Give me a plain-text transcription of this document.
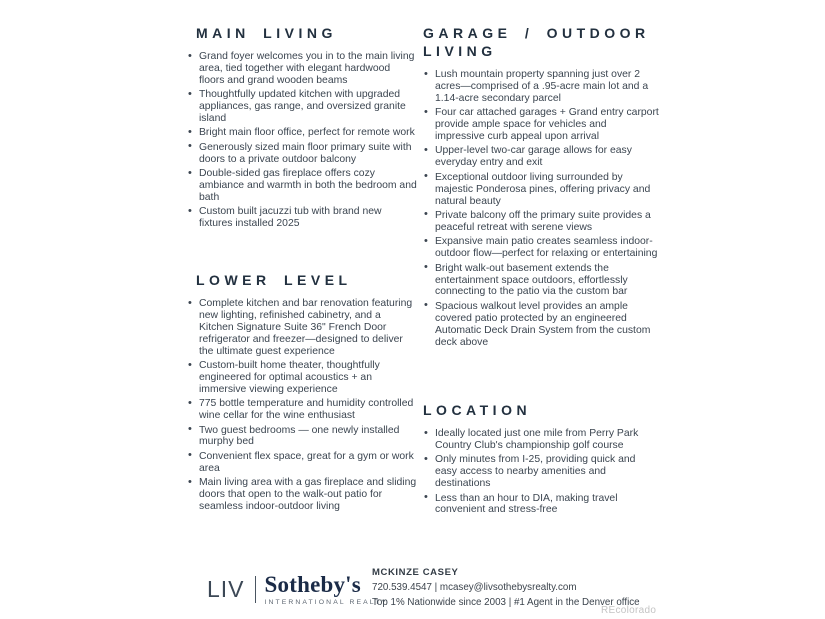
MAIN LIVING
• Grand foyer welcomes you in to the main living area, tied together with elegant hardwood floors and grand wooden beams
• Thoughtfully updated kitchen with upgraded appliances, gas range, and oversized granite island
• Bright main floor office, perfect for remote work
• Generously sized main floor primary suite with doors to a private outdoor balcony
• Double-sided gas fireplace offers cozy ambiance and warmth in both the bedroom and bath
• Custom built jacuzzi tub with brand new fixtures installed 2025
LOWER LEVEL
• Complete kitchen and bar renovation featuring new lighting, refinished cabinetry, and a Kitchen Signature Suite 36" French Door refrigerator and freezer—designed to deliver the ultimate guest experience
• Custom-built home theater, thoughtfully engineered for optimal acoustics + an immersive viewing experience
• 775 bottle temperature and humidity controlled wine cellar for the wine enthusiast
• Two guest bedrooms — one newly installed murphy bed
• Convenient flex space, great for a gym or work area
• Main living area with a gas fireplace and sliding doors that open to the walk-out patio for seamless indoor-outdoor living
GARAGE / OUTDOOR LIVING
• Lush mountain property spanning just over 2 acres—comprised of a .95-acre main lot and a 1.14-acre secondary parcel
• Four car attached garages + Grand entry carport provide ample space for vehicles and impressive curb appeal upon arrival
• Upper-level two-car garage allows for easy everyday entry and exit
• Exceptional outdoor living surrounded by majestic Ponderosa pines, offering privacy and natural beauty
• Private balcony off the primary suite provides a peaceful retreat with serene views
• Expansive main patio creates seamless indoor-outdoor flow—perfect for relaxing or entertaining
• Bright walk-out basement extends the entertainment space outdoors, effortlessly connecting to the patio via the custom bar
• Spacious walkout level provides an ample covered patio protected by an engineered Automatic Deck Drain System from the custom deck above
LOCATION
• Ideally located just one mile from Perry Park Country Club's championship golf course
• Only minutes from I-25, providing quick and easy access to nearby amenities and destinations
• Less than an hour to DIA, making travel convenient and stress-free
LIV Sotheby's
INTERNATIONAL REALTY
MCKINZE CASEY
720.539.4547 | mcasey@livsothebysrealty.com
Top 1% Nationwide since 2003 | #1 Agent in the Denver office
REcolorado
